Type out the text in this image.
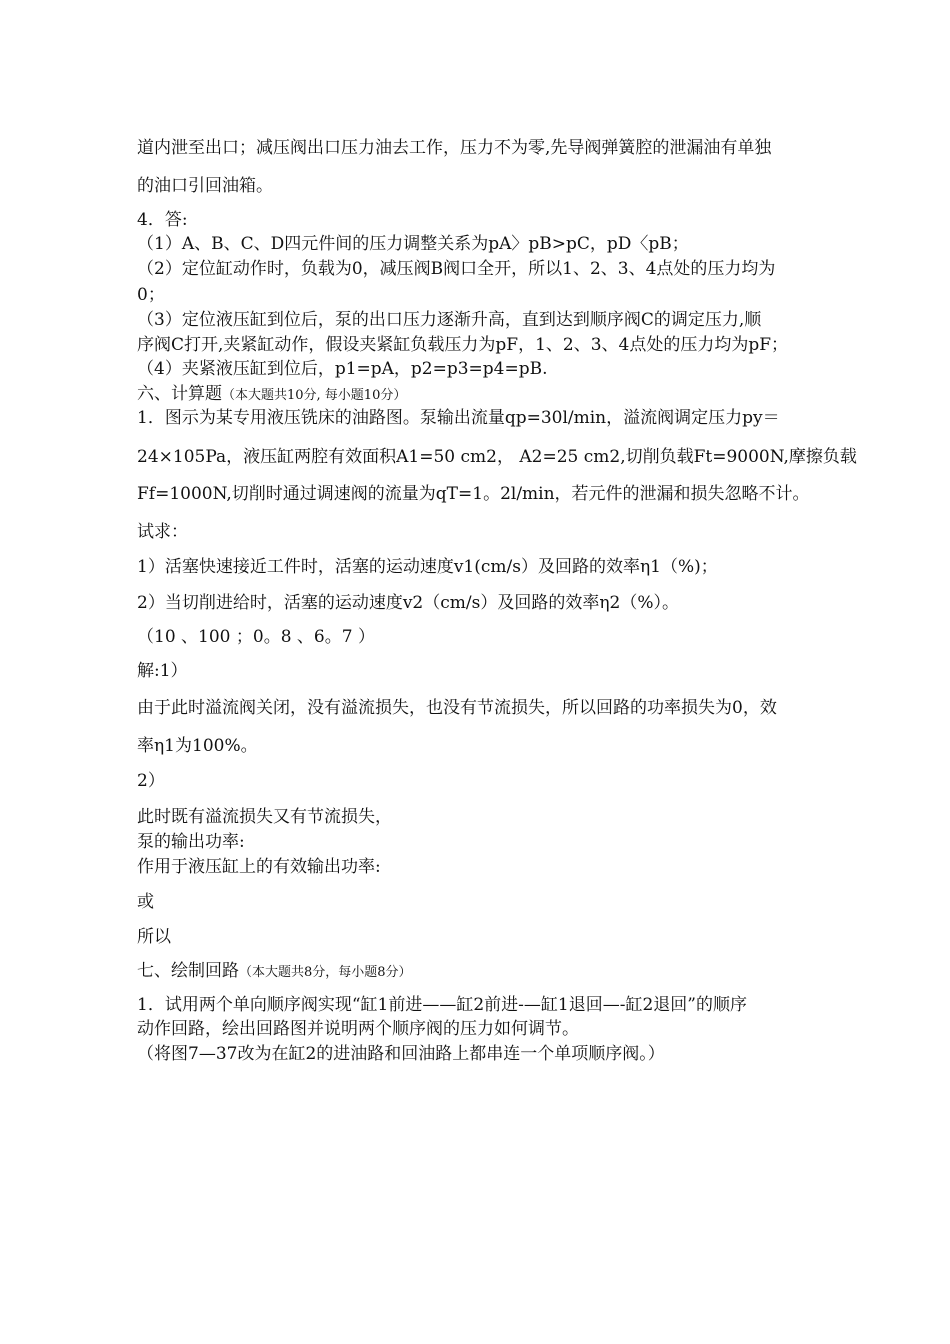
道内泄至出口；减压阀出口压力油去工作，压力不为零,先导阀弹簧腔的泄漏油有单独
的油口引回油箱。
4．答:
（1）A、B、C、D四元件间的压力调整关系为pA〉pB>pC，pD〈pB；
（2）定位缸动作时，负载为0，减压阀B阀口全开，所以1、2、3、4点处的压力均为
0；
（3）定位液压缸到位后，泵的出口压力逐渐升高，直到达到顺序阀C的调定压力,顺
序阀C打开,夹紧缸动作，假设夹紧缸负载压力为pF，1、2、3、4点处的压力均为pF；
（4）夹紧液压缸到位后，p1=pA，p2=p3=p4=pB.
六、计算题（本大题共10分, 每小题10分）
1．图示为某专用液压铣床的油路图。泵输出流量qp=30l/min，溢流阀调定压力py＝
24×105Pa，液压缸两腔有效面积A1=50 cm2， A2=25 cm2,切削负载Ft=9000N,摩擦负载
Ff=1000N,切削时通过调速阀的流量为qT=1。2l/min，若元件的泄漏和损失忽略不计。
试求：
1）活塞快速接近工件时，活塞的运动速度v1(cm/s）及回路的效率η1（%)；
2）当切削进给时，活塞的运动速度v2（cm/s）及回路的效率η2（%）。
（10 、100 ；0。8 、6。7 ）
解:1）
由于此时溢流阀关闭，没有溢流损失，也没有节流损失，所以回路的功率损失为0，效
率η1为100%。
2）
此时既有溢流损失又有节流损失，
泵的输出功率:
作用于液压缸上的有效输出功率:
或
所以
七、绘制回路（本大题共8分，每小题8分）
1．试用两个单向顺序阀实现“缸1前进——缸2前进-—缸1退回—-缸2退回”的顺序
动作回路，绘出回路图并说明两个顺序阀的压力如何调节。
（将图7—37改为在缸2的进油路和回油路上都串连一个单项顺序阀。）
